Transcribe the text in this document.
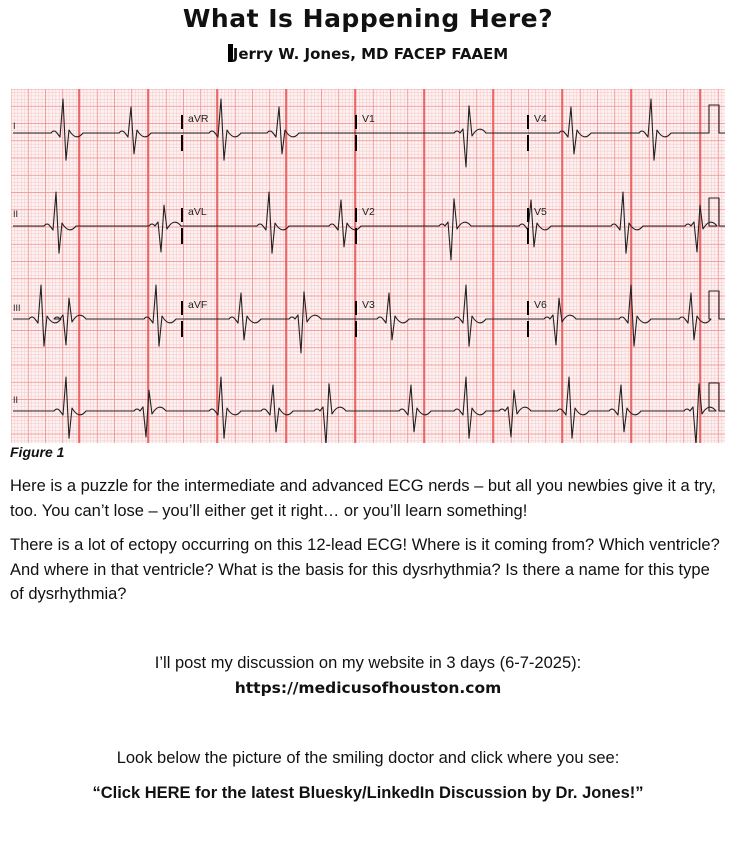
What Is Happening Here?
Jerry W. Jones, MD FACEP FAAEM
aVR	V1	V4
aVL	V2	V5
aVF	V3	V6
I
II
III
II
Figure 1

Here is a puzzle for the intermediate and advanced ECG nerds – but all you newbies give it a try, too. You can’t lose – you’ll either get it right… or you’ll learn something!

There is a lot of ectopy occurring on this 12-lead ECG! Where is it coming from? Which ventricle? And where in that ventricle? What is the basis for this dysrhythmia? Is there a name for this type of dysrhythmia?

I’ll post my discussion on my website in 3 days (6-7-2025):

https://medicusofhouston.com

Look below the picture of the smiling doctor and click where you see:

“Click HERE for the latest Bluesky/LinkedIn Discussion by Dr. Jones!”
